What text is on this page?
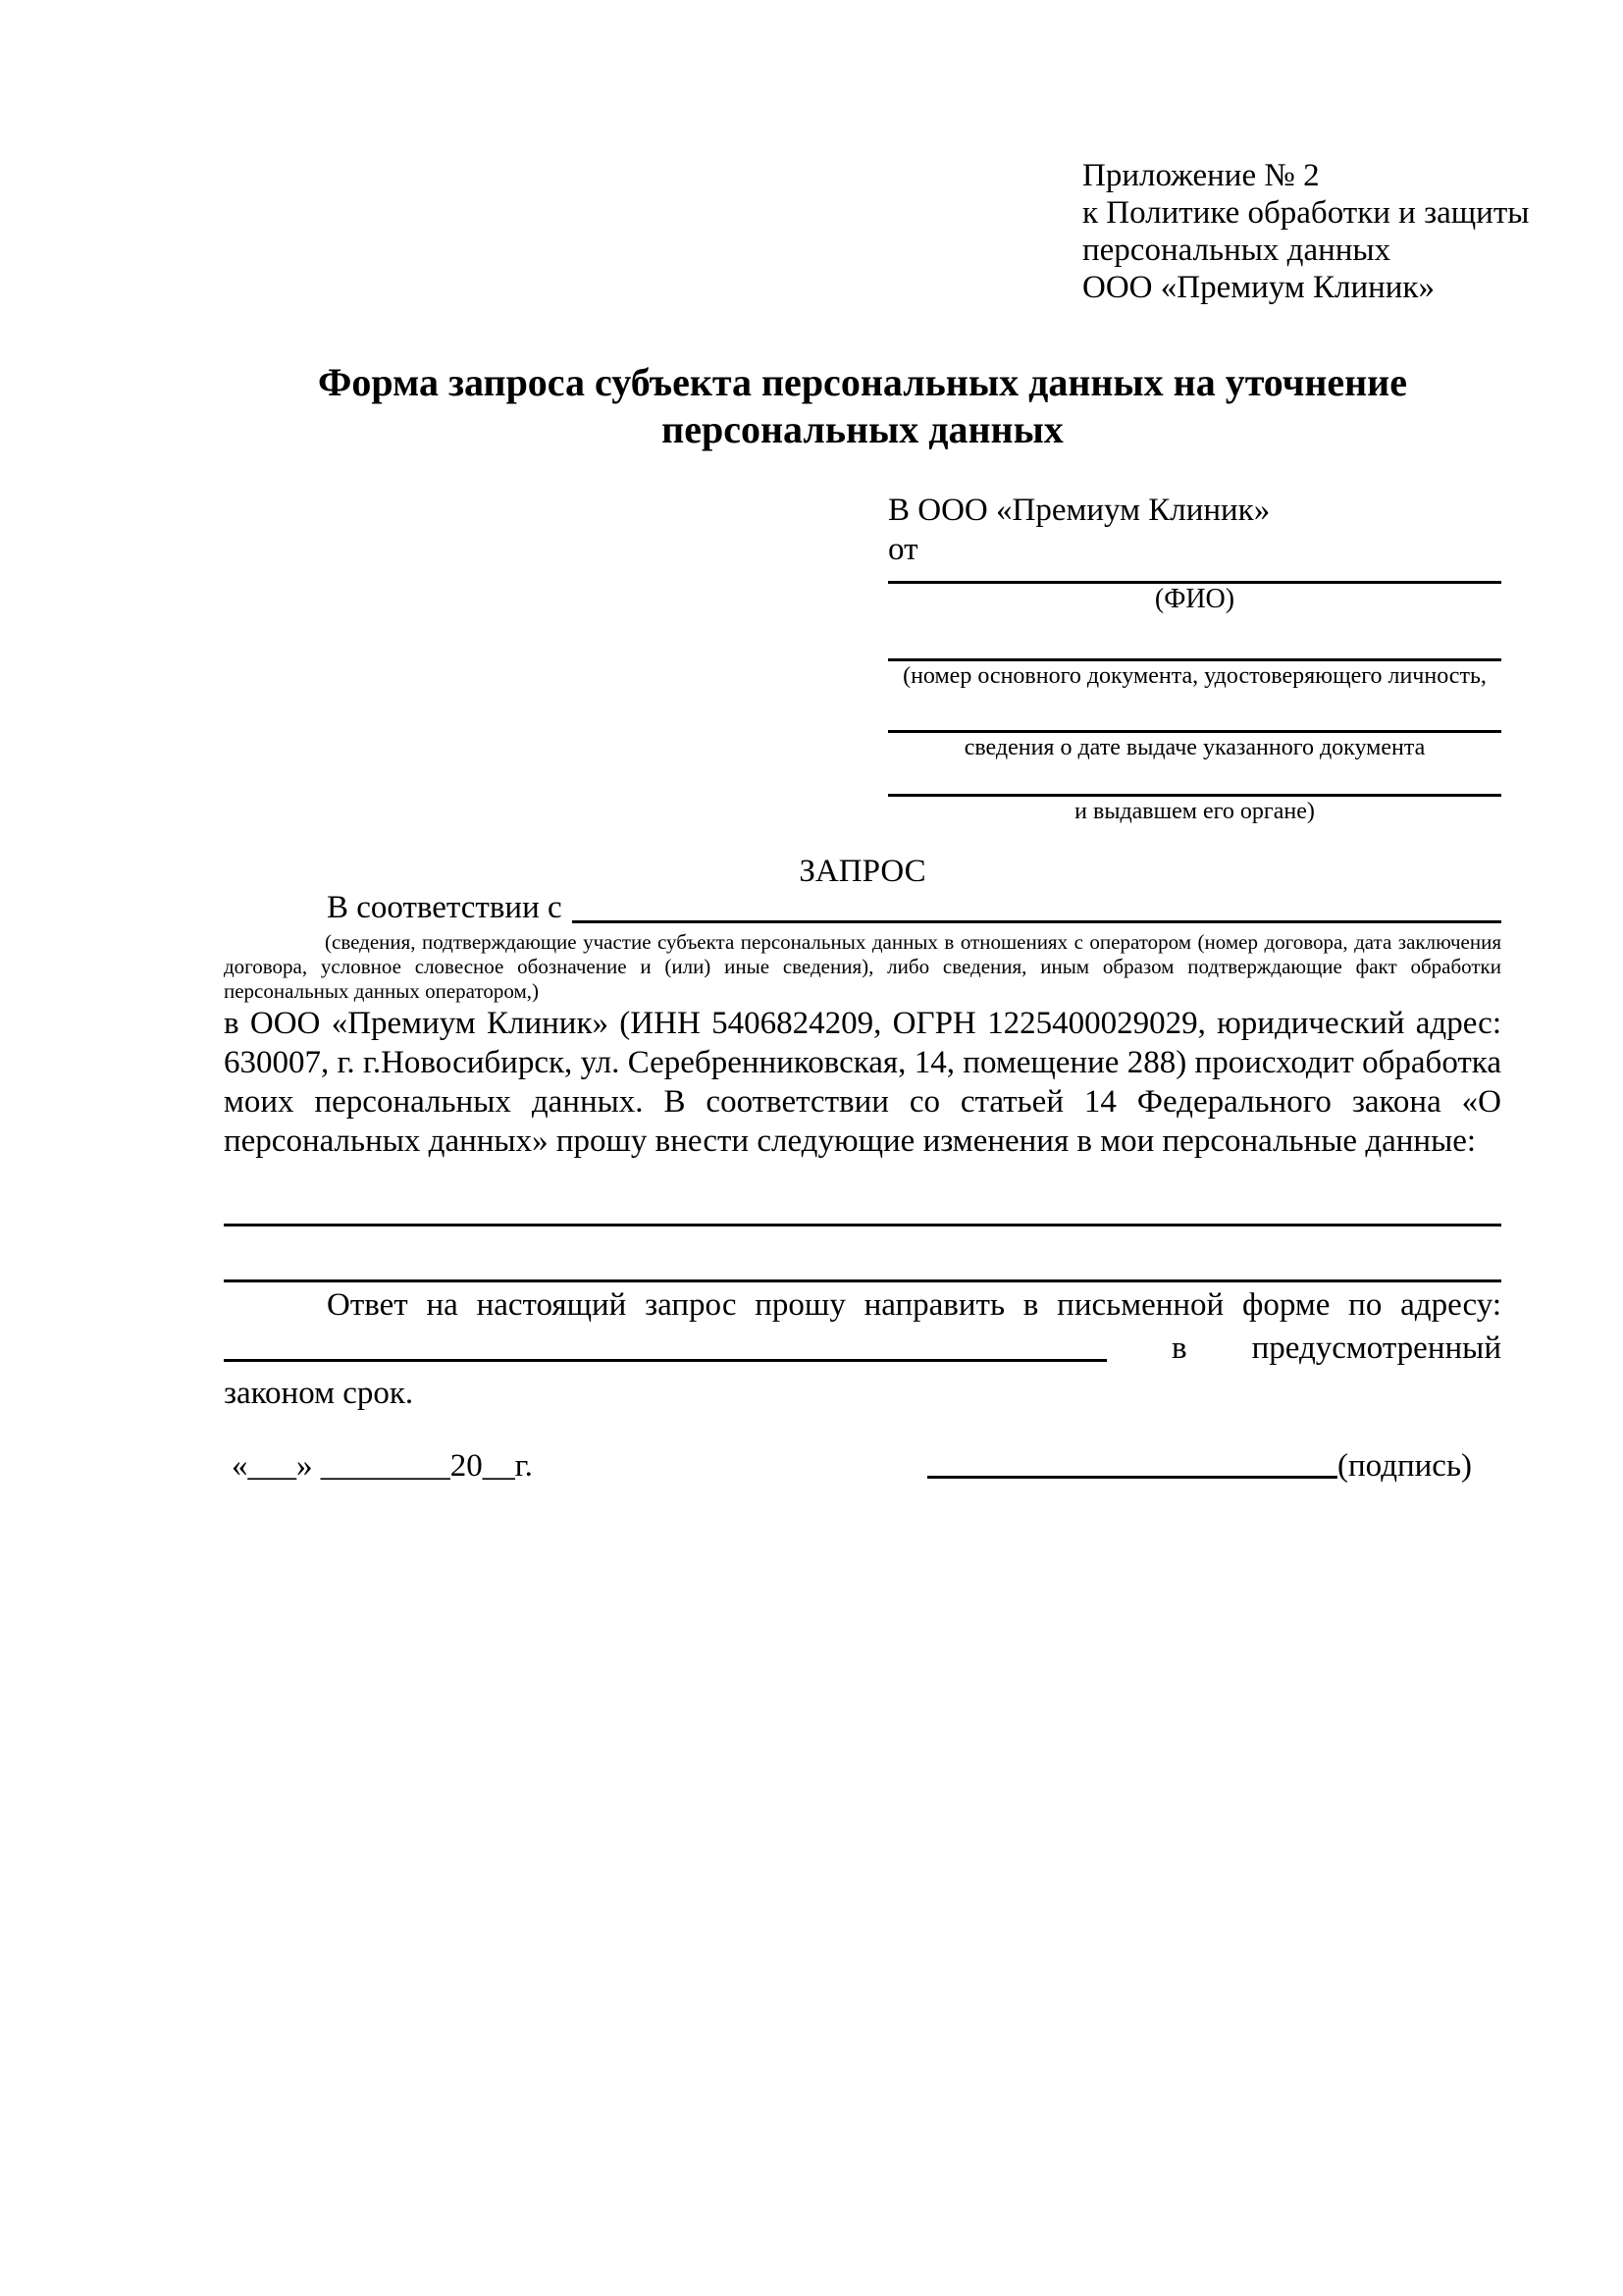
Приложение № 2
к Политике обработки и защиты
персональных данных
ООО «Премиум Клиник»
Форма запроса субъекта персональных данных на уточнение
персональных данных
В ООО «Премиум Клиник»
от
(ФИО)
(номер основного документа, удостоверяющего личность,
сведения о дате выдаче указанного документа
и выдавшем его органе)
ЗАПРОС
В соответствии с
(сведения, подтверждающие участие субъекта персональных данных в отношениях с оператором (номер договора, дата заключения договора, условное словесное обозначение и (или) иные сведения), либо сведения, иным образом подтверждающие факт обработки персональных данных оператором,)
в ООО «Премиум Клиник» (ИНН 5406824209, ОГРН 1225400029029, юридический адрес: 630007, г. г.Новосибирск, ул. Серебренниковская, 14, помещение 288) происходит обработка моих персональных данных. В соответствии со статьей 14 Федерального закона «О персональных данных» прошу внести следующие изменения в мои персональные данные:
Ответ на настоящий запрос прошу направить в письменной форме по адресу:
в предусмотренный
законом срок.
«___» ________20__г.	(подпись)
